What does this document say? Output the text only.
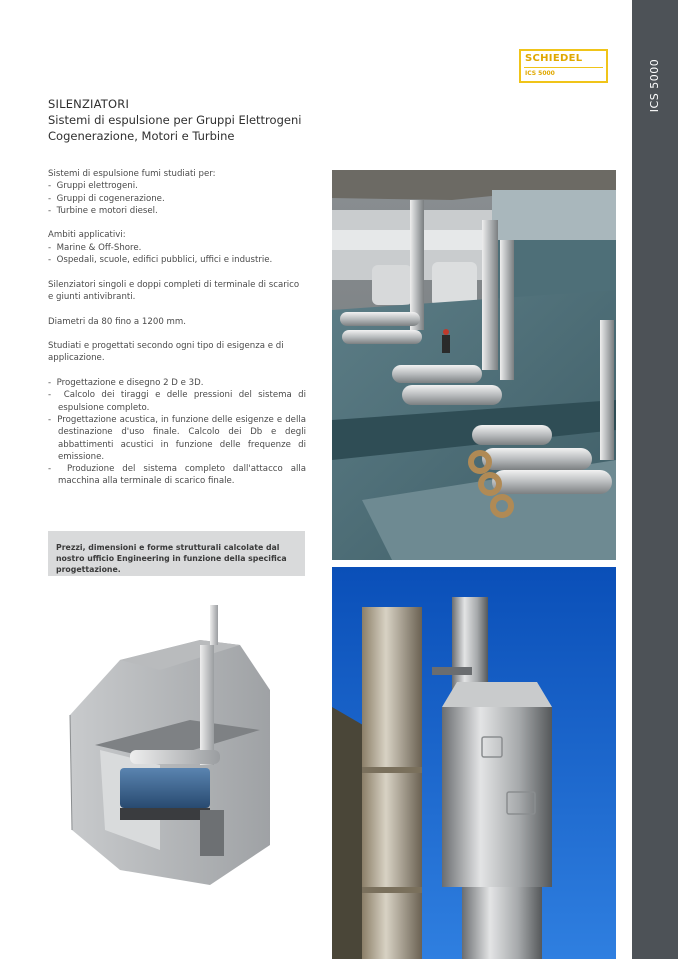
ICS 5000
SCHIEDEL
ICS 5000
SILENZIATORI
Sistemi di espulsione per Gruppi Elettrogeni
Cogenerazione, Motori e Turbine
Sistemi di espulsione fumi studiati per:
-  Gruppi elettrogeni.
-  Gruppi di cogenerazione.
-  Turbine e motori diesel.
Ambiti applicativi:
-  Marine & Off-Shore.
-  Ospedali, scuole, edifici pubblici, uffici e industrie.

Silenziatori singoli e doppi completi di terminale di scarico e giunti antivibranti.

Diametri da 80 fino a 1200 mm.

Studiati e progettati secondo ogni tipo di esigenza e di applicazione.

-  Progettazione e disegno 2 D e 3D.
-  Calcolo dei tiraggi e delle pressioni del sistema di espulsione completo.
-  Progettazione acustica, in funzione delle esigenze e della destinazione d'uso finale. Calcolo dei Db e degli abbattimenti acustici in funzione delle frequenze di emissione.
-  Produzione del sistema completo dall'attacco alla macchina alla terminale di scarico finale.
Prezzi, dimensioni e forme strutturali calcolate dal nostro ufficio Engineering in funzione della specifica progettazione.
